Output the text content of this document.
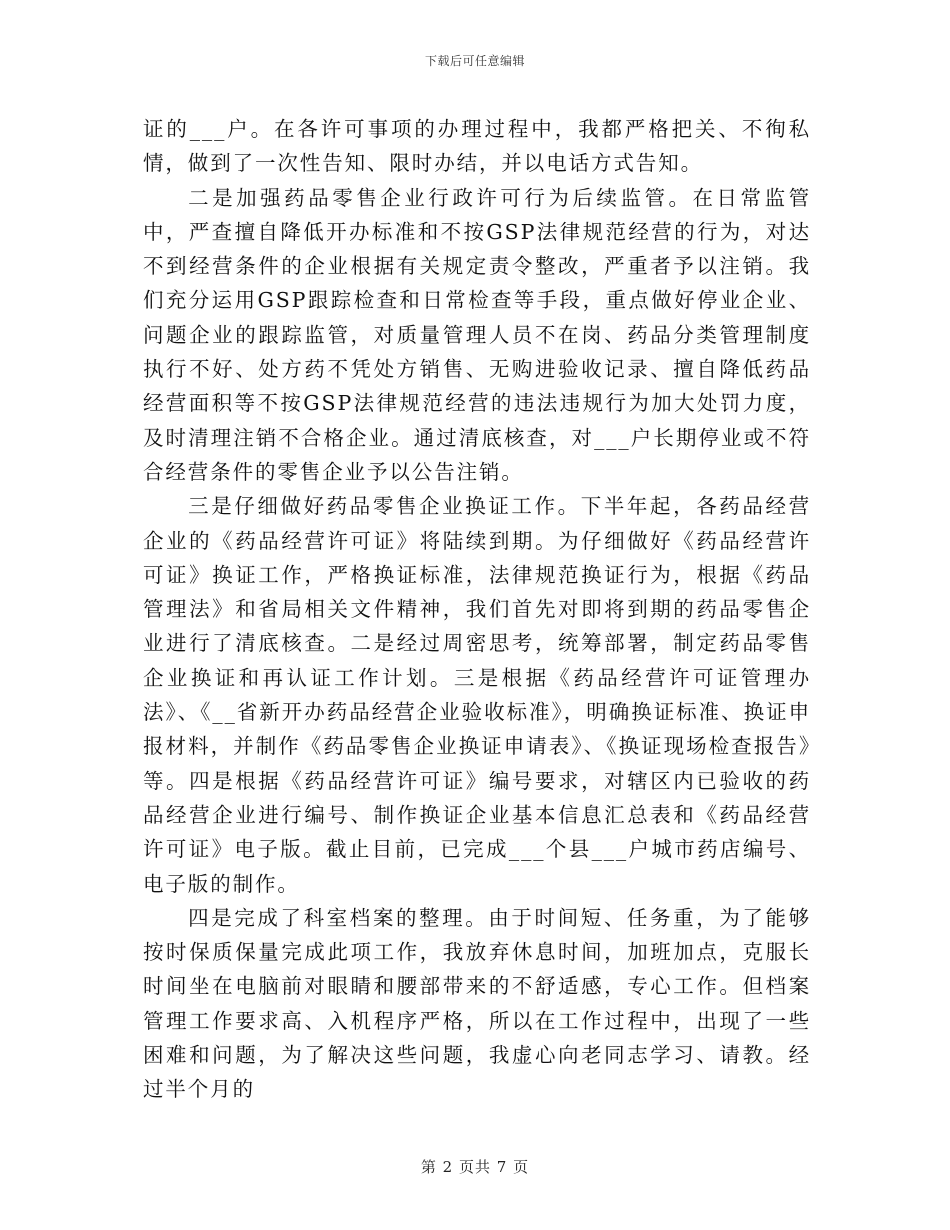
下载后可任意编辑

证的___户。在各许可事项的办理过程中，我都严格把关、不徇私情，做到了一次性告知、限时办结，并以电话方式告知。

二是加强药品零售企业行政许可行为后续监管。在日常监管中，严查擅自降低开办标准和不按GSP法律规范经营的行为，对达不到经营条件的企业根据有关规定责令整改，严重者予以注销。我们充分运用GSP跟踪检查和日常检查等手段，重点做好停业企业、问题企业的跟踪监管，对质量管理人员不在岗、药品分类管理制度执行不好、处方药不凭处方销售、无购进验收记录、擅自降低药品经营面积等不按GSP法律规范经营的违法违规行为加大处罚力度，及时清理注销不合格企业。通过清底核查，对___户长期停业或不符合经营条件的零售企业予以公告注销。

三是仔细做好药品零售企业换证工作。下半年起，各药品经营企业的《药品经营许可证》将陆续到期。为仔细做好《药品经营许可证》换证工作，严格换证标准，法律规范换证行为，根据《药品管理法》和省局相关文件精神，我们首先对即将到期的药品零售企业进行了清底核查。二是经过周密思考，统筹部署，制定药品零售企业换证和再认证工作计划。三是根据《药品经营许可证管理办法》、《__省新开办药品经营企业验收标准》，明确换证标准、换证申报材料，并制作《药品零售企业换证申请表》、《换证现场检查报告》等。四是根据《药品经营许可证》编号要求，对辖区内已验收的药品经营企业进行编号、制作换证企业基本信息汇总表和《药品经营许可证》电子版。截止目前，已完成___个县___户城市药店编号、电子版的制作。

四是完成了科室档案的整理。由于时间短、任务重，为了能够按时保质保量完成此项工作，我放弃休息时间，加班加点，克服长时间坐在电脑前对眼睛和腰部带来的不舒适感，专心工作。但档案管理工作要求高、入机程序严格，所以在工作过程中，出现了一些困难和问题，为了解决这些问题，我虚心向老同志学习、请教。经过半个月的

第 2 页共 7 页
